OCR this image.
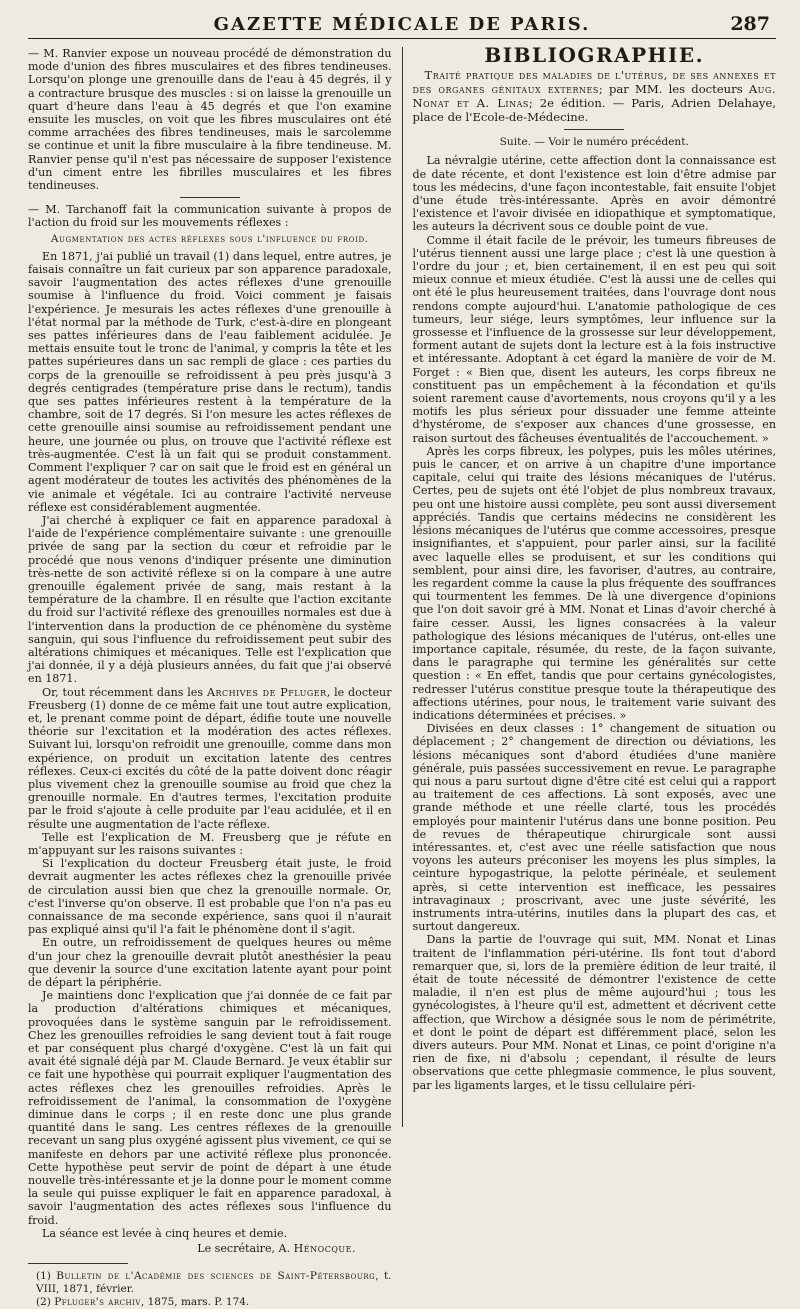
GAZETTE MÉDICALE DE PARIS.	287

— M. Ranvier expose un nouveau procédé de démonstration du mode d'union des fibres musculaires et des fibres tendineuses. Lorsqu'on plonge une grenouille dans de l'eau à 45 degrés, il y a contracture brusque des muscles : si on laisse la grenouille un quart d'heure dans l'eau à 45 degrés et que l'on examine ensuite les muscles, on voit que les fibres musculaires ont été comme arrachées des fibres tendineuses, mais le sarcolemme se continue et unit la fibre musculaire à la fibre tendineuse. M. Ranvier pense qu'il n'est pas nécessaire de supposer l'existence d'un ciment entre les fibrilles musculaires et les fibres tendineuses.

— M. Tarchanoff fait la communication suivante à propos de l'action du froid sur les mouvements réflexes :

Augmentation des actes réflexes sous l'influence du froid.

En 1871, j'ai publié un travail (1) dans lequel, entre autres, je faisais connaître un fait curieux par son apparence paradoxale, savoir l'augmentation des actes réflexes d'une grenouille soumise à l'influence du froid. Voici comment je faisais l'expérience. Je mesurais les actes réflexes d'une grenouille à l'état normal par la méthode de Turk, c'est-à-dire en plongeant ses pattes inférieures dans de l'eau faiblement acidulée. Je mettais ensuite tout le tronc de l'animal, y compris la tête et les pattes supérieures dans un sac rempli de glace : ces parties du corps de la grenouille se refroidissent à peu près jusqu'à 3 degrés centigrades (température prise dans le rectum), tandis que ses pattes inférieures restent à la température de la chambre, soit de 17 degrés. Si l'on mesure les actes réflexes de cette grenouille ainsi soumise au refroidissement pendant une heure, une journée ou plus, on trouve que l'activité réflexe est très-augmentée. C'est là un fait qui se produit constamment. Comment l'expliquer ? car on sait que le froid est en général un agent modérateur de toutes les activités des phénomènes de la vie animale et végétale. Ici au contraire l'activité nerveuse réflexe est considérablement augmentée.

J'ai cherché à expliquer ce fait en apparence paradoxal à l'aide de l'expérience complémentaire suivante : une grenouille privée de sang par la section du cœur et refroidie par le procédé que nous venons d'indiquer présente une diminution très-nette de son activité réflexe si on la compare à une autre grenouille également privée de sang, mais restant à la température de la chambre. Il en résulte que l'action excitante du froid sur l'activité réflexe des grenouilles normales est due à l'intervention dans la production de ce phénomène du système sanguin, qui sous l'influence du refroidissement peut subir des altérations chimiques et mécaniques. Telle est l'explication que j'ai donnée, il y a déjà plusieurs années, du fait que j'ai observé en 1871.

Or, tout récemment dans les Archives de Pfluger, le docteur Freusberg (1) donne de ce même fait une tout autre explication, et, le prenant comme point de départ, édifie toute une nouvelle théorie sur l'excitation et la modération des actes réflexes. Suivant lui, lorsqu'on refroidit une grenouille, comme dans mon expérience, on produit un excitation latente des centres réflexes. Ceux-ci excités du côté de la patte doivent donc réagir plus vivement chez la grenouille soumise au froid que chez la grenouille normale. En d'autres termes, l'excitation produite par le froid s'ajoute à celle produite par l'eau acidulée, et il en résulte une augmentation de l'acte réflexe.

Telle est l'explication de M. Freusberg que je réfute en m'appuyant sur les raisons suivantes :

Si l'explication du docteur Freusberg était juste, le froid devrait augmenter les actes réflexes chez la grenouille privée de circulation aussi bien que chez la grenouille normale. Or, c'est l'inverse qu'on observe. Il est probable que l'on n'a pas eu connaissance de ma seconde expérience, sans quoi il n'aurait pas expliqué ainsi qu'il l'a fait le phénomène dont il s'agit.

En outre, un refroidissement de quelques heures ou même d'un jour chez la grenouille devrait plutôt anesthésier la peau que devenir la source d'une excitation latente ayant pour point de départ la périphérie.

Je maintiens donc l'explication que j'ai donnée de ce fait par la production d'altérations chimiques et mécaniques, provoquées dans le système sanguin par le refroidissement. Chez les grenouilles refroidies le sang devient tout à fait rouge et par conséquent plus chargé d'oxygène. C'est là un fait qui avait été signalé déjà par M. Claude Bernard. Je veux établir sur ce fait une hypothèse qui pourrait expliquer l'augmentation des actes réflexes chez les grenouilles refroidies. Après le refroidissement de l'animal, la consommation de l'oxygène diminue dans le corps ; il en reste donc une plus grande quantité dans le sang. Les centres réflexes de la grenouille recevant un sang plus oxygéné agissent plus vivement, ce qui se manifeste en dehors par une activité réflexe plus prononcée. Cette hypothèse peut servir de point de départ à une étude nouvelle très-intéressante et je la donne pour le moment comme la seule qui puisse expliquer le fait en apparence paradoxal, à savoir l'augmentation des actes réflexes sous l'influence du froid.

La séance est levée à cinq heures et demie.

Le secrétaire, A. Hénocque.

(1) Bulletin de l'Académie des sciences de Saint-Pétersbourg, t. VIII, 1871, février.

(2) Pfluger's archiv, 1875, mars. P. 174.

BIBLIOGRAPHIE.

Traité pratique des maladies de l'utérus, de ses annexes et des organes génitaux externes; par MM. les docteurs Aug. Nonat et A. Linas; 2e édition. — Paris, Adrien Delahaye, place de l'Ecole-de-Médecine.

Suite. — Voir le numéro précédent.

La névralgie utérine, cette affection dont la connaissance est de date récente, et dont l'existence est loin d'être admise par tous les médecins, d'une façon incontestable, fait ensuite l'objet d'une étude très-intéressante. Après en avoir démontré l'existence et l'avoir divisée en idiopathique et symptomatique, les auteurs la décrivent sous ce double point de vue.

Comme il était facile de le prévoir, les tumeurs fibreuses de l'utérus tiennent aussi une large place ; c'est là une question à l'ordre du jour ; et, bien certainement, il en est peu qui soit mieux connue et mieux étudiée. C'est là aussi une de celles qui ont été le plus heureusement traitées, dans l'ouvrage dont nous rendons compte aujourd'hui. L'anatomie pathologique de ces tumeurs, leur siége, leurs symptômes, leur influence sur la grossesse et l'influence de la grossesse sur leur développement, forment autant de sujets dont la lecture est à la fois instructive et intéressante. Adoptant à cet égard la manière de voir de M. Forget : « Bien que, disent les auteurs, les corps fibreux ne constituent pas un empêchement à la fécondation et qu'ils soient rarement cause d'avortements, nous croyons qu'il y a les motifs les plus sérieux pour dissuader une femme atteinte d'hystérome, de s'exposer aux chances d'une grossesse, en raison surtout des fâcheuses éventualités de l'accouchement. »

Après les corps fibreux, les polypes, puis les môles utérines, puis le cancer, et on arrive à un chapitre d'une importance capitale, celui qui traite des lésions mécaniques de l'utérus. Certes, peu de sujets ont été l'objet de plus nombreux travaux, peu ont une histoire aussi complète, peu sont aussi diversement appréciés. Tandis que certains médecins ne considèrent les lésions mécaniques de l'utérus que comme accessoires, presque insignifiantes, et s'appuient, pour parler ainsi, sur la facilité avec laquelle elles se produisent, et sur les conditions qui semblent, pour ainsi dire, les favoriser, d'autres, au contraire, les regardent comme la cause la plus fréquente des souffrances qui tourmentent les femmes. De là une divergence d'opinions que l'on doit savoir gré à MM. Nonat et Linas d'avoir cherché à faire cesser. Aussi, les lignes consacrées à la valeur pathologique des lésions mécaniques de l'utérus, ont-elles une importance capitale, résumée, du reste, de la façon suivante, dans le paragraphe qui termine les généralités sur cette question : « En effet, tandis que pour certains gynécologistes, redresser l'utérus constitue presque toute la thérapeutique des affections utérines, pour nous, le traitement varie suivant des indications déterminées et précises. »

Divisées en deux classes : 1° changement de situation ou déplacement ; 2° changement de direction ou déviations, les lésions mécaniques sont d'abord étudiées d'une manière générale, puis passées successivement en revue. Le paragraphe qui nous a paru surtout digne d'être cité est celui qui a rapport au traitement de ces affections. Là sont exposés, avec une grande méthode et une réelle clarté, tous les procédés employés pour maintenir l'utérus dans une bonne position. Peu de revues de thérapeutique chirurgicale sont aussi intéressantes. et, c'est avec une réelle satisfaction que nous voyons les auteurs préconiser les moyens les plus simples, la ceinture hypogastrique, la pelotte périnéale, et seulement après, si cette intervention est inefficace, les pessaires intravaginaux ; proscrivant, avec une juste sévérité, les instruments intra-utérins, inutiles dans la plupart des cas, et surtout dangereux.

Dans la partie de l'ouvrage qui suit, MM. Nonat et Linas traitent de l'inflammation péri-utérine. Ils font tout d'abord remarquer que, si, lors de la première édition de leur traité, il était de toute nécessité de démontrer l'existence de cette maladie, il n'en est plus de même aujourd'hui ; tous les gynécologistes, à l'heure qu'il est, admettent et décrivent cette affection, que Wirchow a désignée sous le nom de périmétrite, et dont le point de départ est différemment placé, selon les divers auteurs. Pour MM. Nonat et Linas, ce point d'origine n'a rien de fixe, ni d'absolu ; cependant, il résulte de leurs observations que cette phlegmasie commence, le plus souvent, par les ligaments larges, et le tissu cellulaire péri-
